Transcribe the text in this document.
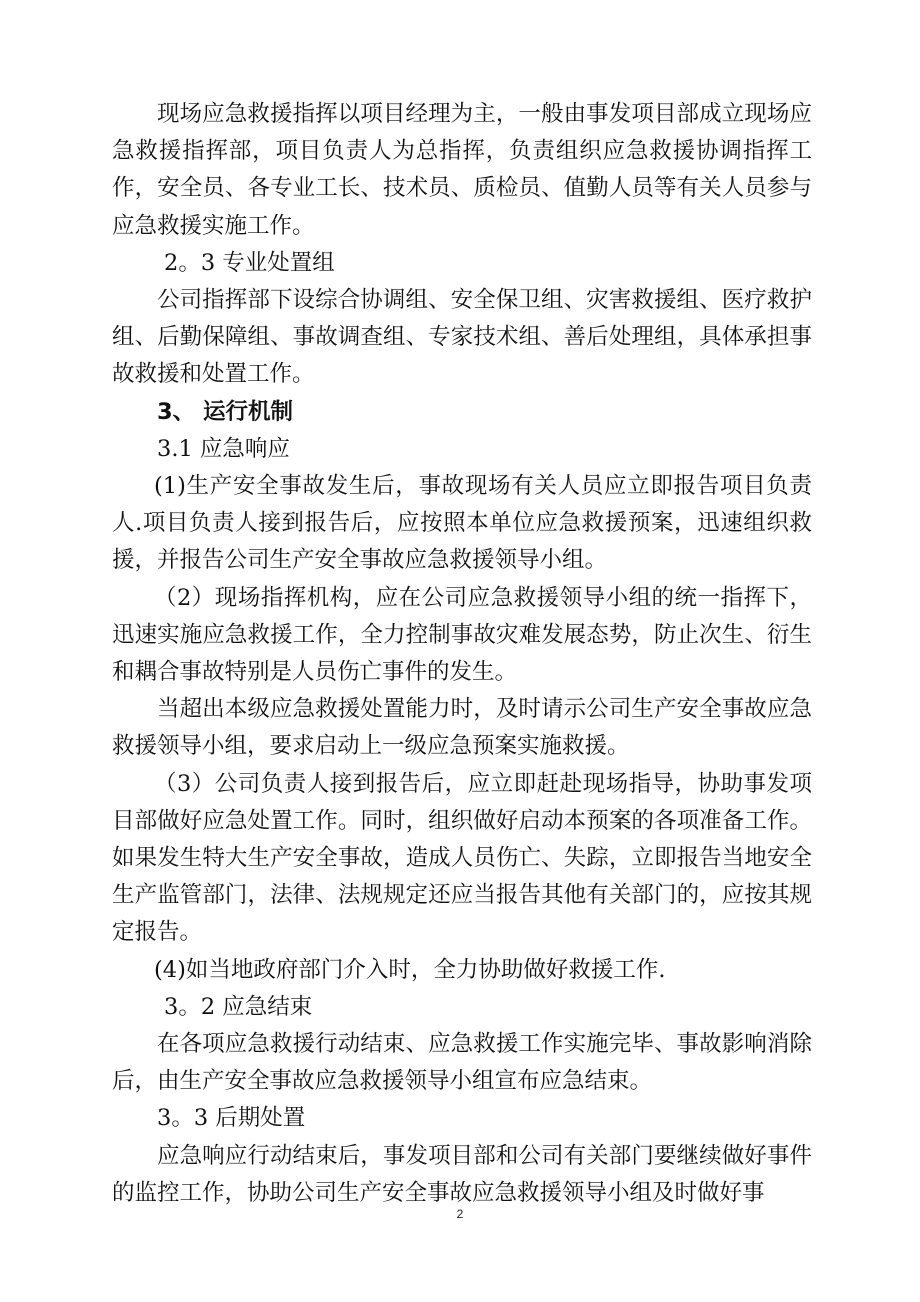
现场应急救援指挥以项目经理为主，一般由事发项目部成立现场应急救援指挥部，项目负责人为总指挥，负责组织应急救援协调指挥工作，安全员、各专业工长、技术员、质检员、值勤人员等有关人员参与应急救援实施工作。

2。3 专业处置组

公司指挥部下设综合协调组、安全保卫组、灾害救援组、医疗救护组、后勤保障组、事故调查组、专家技术组、善后处理组，具体承担事故救援和处置工作。

3、 运行机制

3.1 应急响应

(1)生产安全事故发生后，事故现场有关人员应立即报告项目负责人.项目负责人接到报告后，应按照本单位应急救援预案，迅速组织救援，并报告公司生产安全事故应急救援领导小组。

（2）现场指挥机构，应在公司应急救援领导小组的统一指挥下，迅速实施应急救援工作，全力控制事故灾难发展态势，防止次生、衍生和耦合事故特别是人员伤亡事件的发生。

当超出本级应急救援处置能力时，及时请示公司生产安全事故应急救援领导小组，要求启动上一级应急预案实施救援。

（3）公司负责人接到报告后，应立即赶赴现场指导，协助事发项目部做好应急处置工作。同时，组织做好启动本预案的各项准备工作。如果发生特大生产安全事故，造成人员伤亡、失踪，立即报告当地安全生产监管部门，法律、法规规定还应当报告其他有关部门的，应按其规定报告。

(4)如当地政府部门介入时，全力协助做好救援工作.

3。2 应急结束

在各项应急救援行动结束、应急救援工作实施完毕、事故影响消除后，由生产安全事故应急救援领导小组宣布应急结束。

3。3 后期处置

应急响应行动结束后，事发项目部和公司有关部门要继续做好事件的监控工作，协助公司生产安全事故应急救援领导小组及时做好事

2
